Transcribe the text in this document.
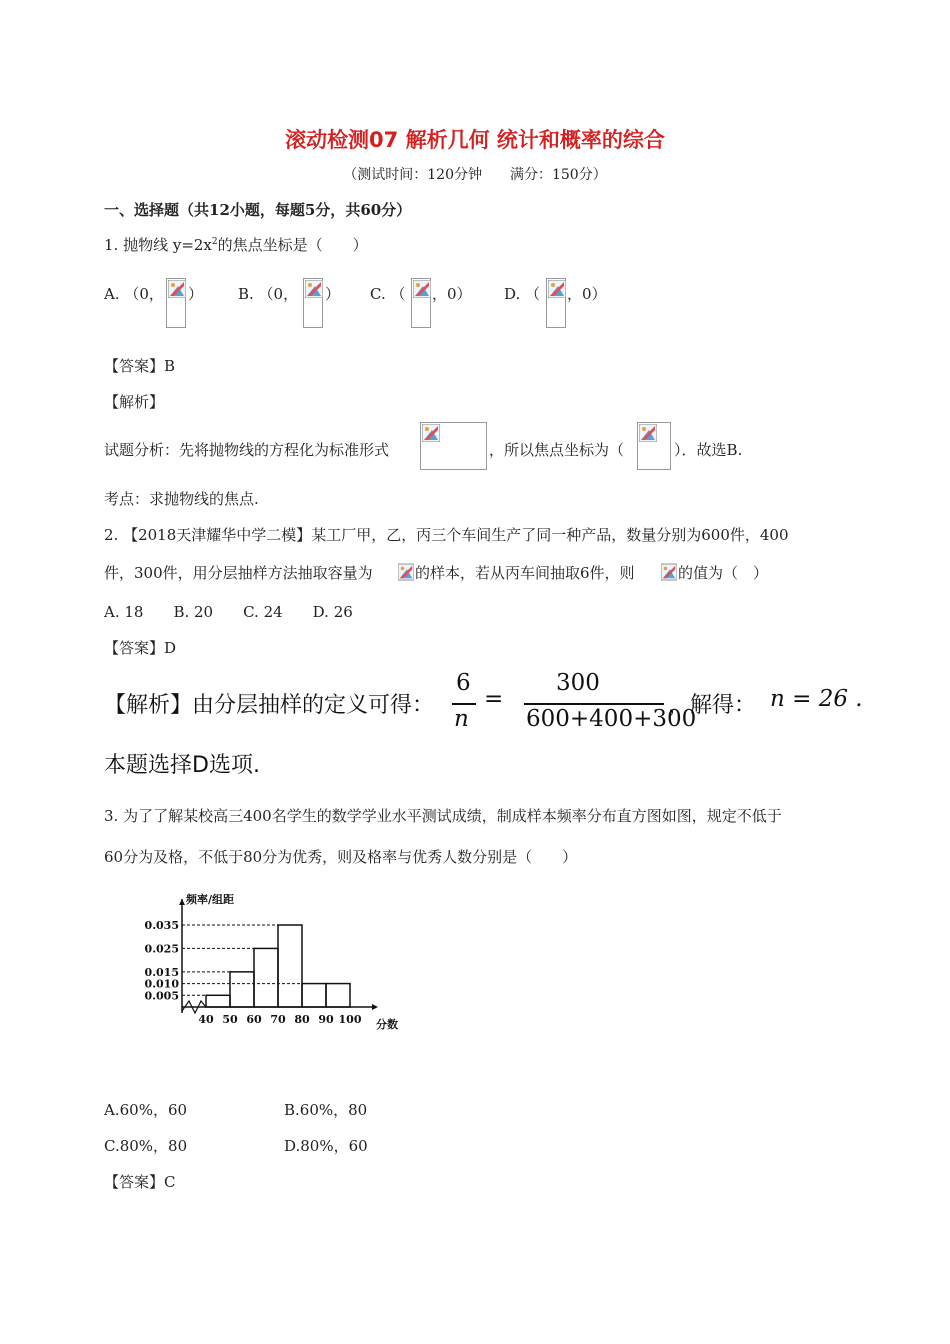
滚动检测07 解析几何 统计和概率的综合
（测试时间：120分钟　　满分：150分）
一、选择题（共12小题，每题5分，共60分）
1. 抛物线 $y=2x^2$的焦点坐标是（　　）
A. （0， ） B. （0， ） C. （ ，0） D. （ ，0）
【答案】B
【解析】
试题分析：先将抛物线的方程化为标准形式	，所以焦点坐标为（	）．故选B.
考点：求抛物线的焦点.
2. 【2018天津耀华中学二模】某工厂甲，乙，丙三个车间生产了同一种产品，数量分别为600件，400
件，300件，用分层抽样方法抽取容量为	的样本，若从丙车间抽取6件，则	的值为（　）
A. 18　　B. 20　　C. 24　　D. 26
【答案】D
【解析】由分层抽样的定义可得：
6
n
=
300
600+400+300
，解得： n = 26 .
本题选择D选项.
3. 为了了解某校高三400名学生的数学学业水平测试成绩，制成样本频率分布直方图如图，规定不低于
60分为及格，不低于80分为优秀，则及格率与优秀人数分别是（　　）
频率/组距
分数
0.005
0.010
0.015
0.025
0.035
40 50 60 70 80 90 100
A.60%，60	B.60%，80
C.80%，80	D.80%，60
【答案】C
